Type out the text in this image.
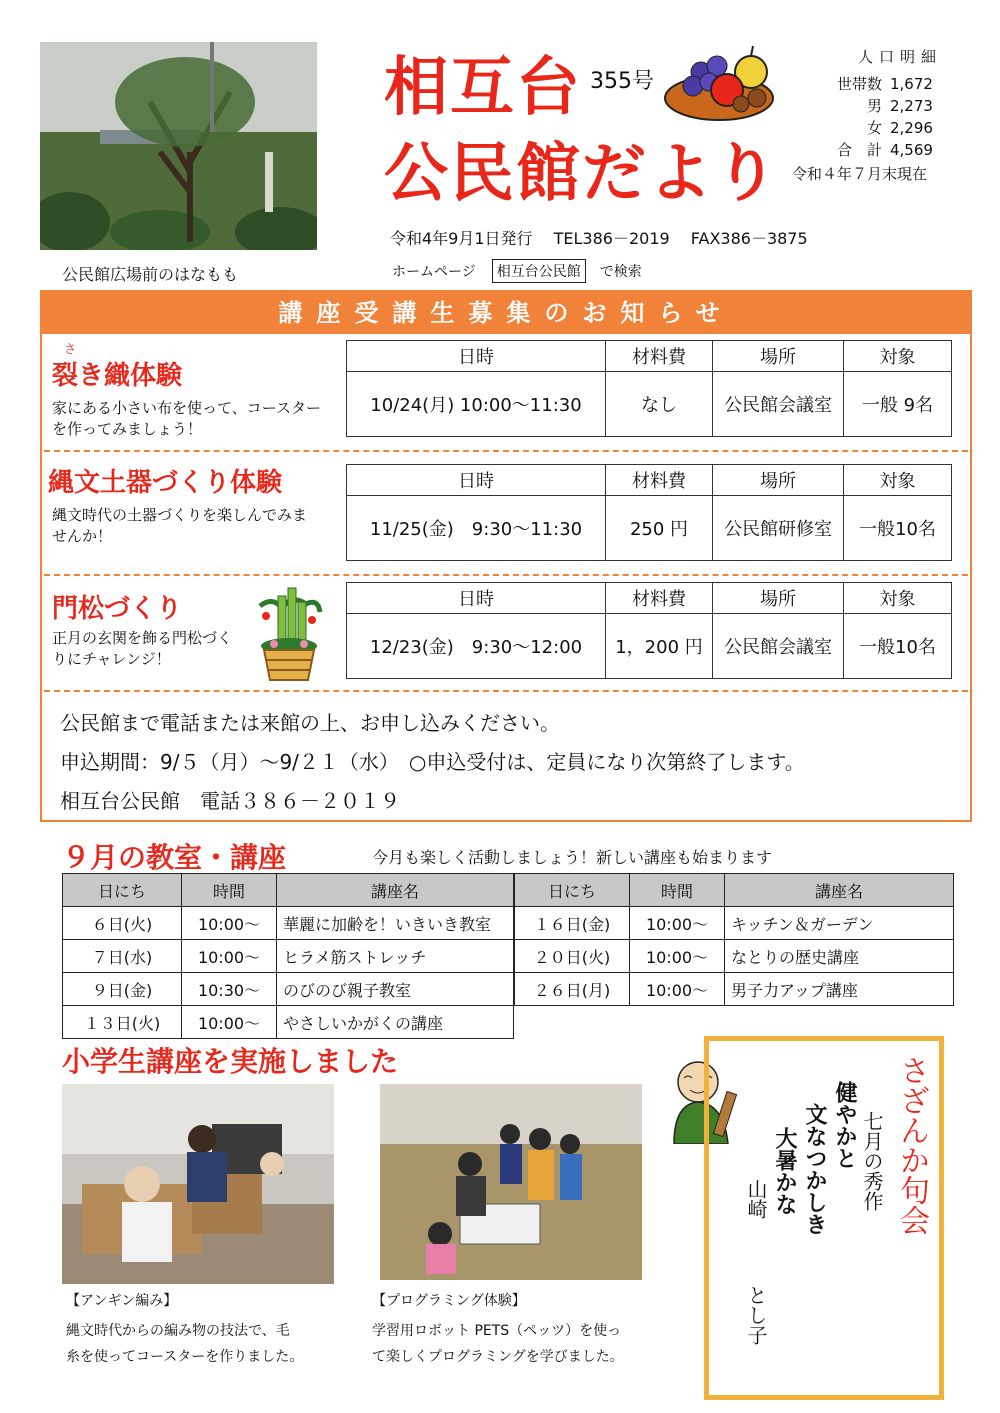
公民館広場前のはなもも
相互台 355号
公民館だより
人口明細
世帯数 1,672
男 2,273
女 2,296
合　計 4,569
令和４年７月末現在
令和4年9月1日発行　 TEL386－2019　 FAX386－3875
ホームページ	相互台公民館	で検索
講座受講生募集のお知らせ
さ
裂き織体験
家にある小さい布を使って、コースターを作ってみましょう！
日時	材料費	場所	対象
10/24(月) 10:00～11:30	なし	公民館会議室	一般 9名
縄文土器づくり体験
縄文時代の土器づくりを楽しんでみませんか！
日時	材料費	場所	対象
11/25(金)　9:30～11:30	250 円	公民館研修室	一般10名
門松づくり
正月の玄関を飾る門松づくりにチャレンジ！
日時	材料費	場所	対象
12/23(金)　9:30～12:00	1，200 円	公民館会議室	一般10名
公民館まで電話または来館の上、お申し込みください。
申込期間：9/５（月）～9/２１（水）　○申込受付は、定員になり次第終了します。
相互台公民館　電話３８６－２０１９
９月の教室・講座	今月も楽しく活動しましょう！新しい講座も始まります
日にち	時間	講座名
６日(火)	10:00～	華麗に加齢を！いきいき教室
７日(水)	10:00～	ヒラメ筋ストレッチ
９日(金)	10:30～	のびのび親子教室
１３日(火)	10:00～	やさしいかがくの講座
日にち	時間	講座名
１６日(金)	10:00～	キッチン＆ガーデン
２０日(火)	10:00～	なとりの歴史講座
２６日(月)	10:00～	男子力アップ講座
小学生講座を実施しました
【アンギン編み】
縄文時代からの編み物の技法で、毛
糸を使ってコースターを作りました。
【プログラミング体験】
学習用ロボット PETS（ペッツ）を使っ
て楽しくプログラミングを学びました。
さざんか句会
七月の秀作
健やかと
文なつかしき
大暑かな
山崎
とし子
